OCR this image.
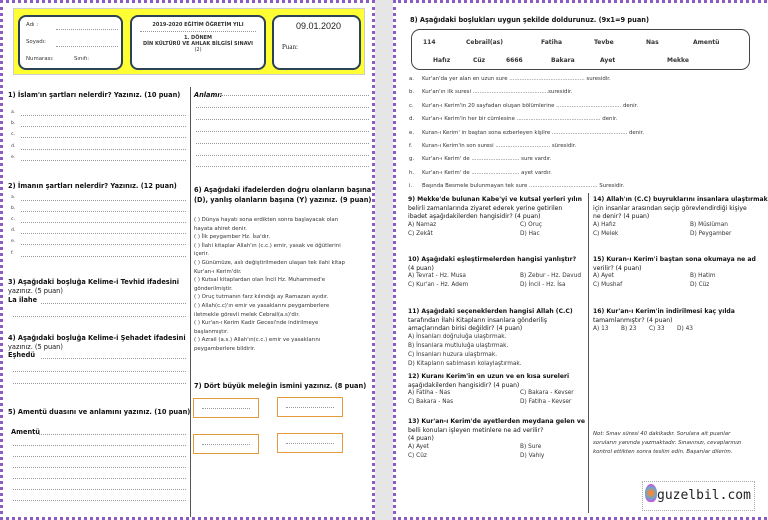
Adı :
Soyadı:
Numarası:	Sınıfı:
2019-2020 EĞİTİM ÖĞRETİM YILI
1. DÖNEM
DİN KÜLTÜRÜ VE AHLAK BİLGİSİ SINAVI
(2)
09.01.2020
Puan:
1) İslam'ın şartları nelerdir? Yazınız. (10 puan)
a.
b.
c.
d.
e.
Anlamı:
2) İmanın şartları nelerdir? Yazınız. (12 puan)
a.
b.
c.
d.
e.
f.
3) Aşağıdaki boşluğa Kelime-i Tevhid ifadesini
yazınız. (5 puan)
La ilahe
4) Aşağıdaki boşluğa Kelime-i Şehadet ifadesini
yazınız. (5 puan)
Eşhedü
5) Amentü duasını ve anlamını yazınız. (10 puan)
Amentü
6) Aşağıdaki ifadelerden doğru olanların başına
(D), yanlış olanların başına (Y) yazınız. (9 puan)
( ) Dünya hayatı sona erdikten sonra başlayacak olan
hayata ahiret denir.
( ) İlk peygamber Hz. İsa'dır.
( ) İlahi kitaplar Allah'ın (c.c.) emir, yasak ve öğütlerini
içerir.
( ) Günümüze, aslı değiştirilmeden ulaşan tek ilahi kitap
Kur'an-ı Kerim'dir.
( ) Kutsal kitaplardan olan İncil Hz. Muhammed'e
gönderilmiştir.
( ) Oruç tutmanın farz kılındığı ay Ramazan ayıdır.
( ) Allah(c.c)'ın emir ve yasaklarını peygamberlere
iletmekle görevli melek Cebrail(a.s)'dir.
( ) Kur'an-ı Kerim Kadir Gecesi'nde indirilmeye
başlanmıştır.
( ) Azrail (a.s.) Allah'ın(c.c.) emir ve yasaklarını
peygamberlere bildirir.
7) Dört büyük meleğin ismini yazınız. (8 puan)
8) Aşağıdaki boşlukları uygun şekilde doldurunuz. (9x1=9 puan)
114	Cebrail(as)	Fatiha	Tevbe	Nas	Amentü
Hafız	Cüz	6666	Bakara	Ayet	Mekke
a. Kur'an'da yer alan en uzun sure ............................................ suresidir.
b. Kur'an'ın ilk suresi ............................................suresidir.
c. Kur'an-ı Kerim'in 20 sayfadan oluşan bölümlerine ...................................... denir.
d. Kur'an-ı Kerim'in her bir cümlesine ................................................. denir.
e. Kuran-ı Kerim' in baştan sona ezberleyen kişilre ............................................ denir.
f. Kuran-ı Kerim'in son suresi ................................ süresidir.
g. Kur'an-ı Kerim' de ............................ sure vardır.
h. Kur'an-ı Kerim' de ............................ ayet vardır.
i. Başında Besmele bulunmayan tek sure ........................................ Suresidir.
9) Mekke'de bulunan Kabe'yi ve kutsal yerleri yılın
belirli zamanlarında ziyaret ederek yerine getirilen
ibadet aşağıdakilerden hangisidir? (4 puan)
A) Namaz	C) Oruç
C) Zekât	D) Hac
10) Aşağıdaki eşleştirmelerden hangisi yanlıştır?
(4 puan)
A) Tevrat - Hz. Musa	B) Zebur - Hz. Davud
C) Kur'an - Hz. Adem	D) İncil - Hz. İsa
11) Aşağıdaki seçeneklerden hangisi Allah (C.C)
tarafından İlahi Kitapların insanlara gönderiliş
amaçlarından birisi değildir? (4 puan)
A) İnsanları doğruluğa ulaştırmak.
B) İnsanlara mutluluğa ulaştırmak.
C) İnsanları huzura ulaştırmak.
D) Kitapların satılmasın kolaylaştırmak.
12) Kuranı Kerim'in en uzun ve en kısa sureleri
aşağıdakilerden hangisidir? (4 puan)
A) Fatiha - Nas	C) Bakara - Kevser
C) Bakara - Nas	D) Fatiha - Kevser
13) Kur'an-ı Kerim'de ayetlerden meydana gelen ve
belli konuları işleyen metinlere ne ad verilir?
(4 puan)
A) Ayet	B) Sure
C) Cüz	D) Vahiy
14) Allah'ın (C.C) buyruklarını insanlara ulaştırmak
için insanlar arasından seçip görevlendirdiği kişiye
ne denir? (4 puan)
A) Hafız	B) Müslüman
C) Melek	D) Peygamber
15) Kuran-ı Kerim'i baştan sona okumaya ne ad
verilir? (4 puan)
A) Ayet	B) Hatim
C) Mushaf	D) Cüz
16) Kur'an-ı Kerim'in indirilmesi kaç yılda
tamamlanmıştır? (4 puan)
A) 13 B) 23 C) 33 D) 43
Not: Sınav süresi 40 dakikadır. Sorulara ait puanlar
soruların yanında yazmaktadır. Sınavınızı, cevaplarınızı
kontrol ettikten sonra teslim edin. Başarılar dilerim.
guzelbil.com
